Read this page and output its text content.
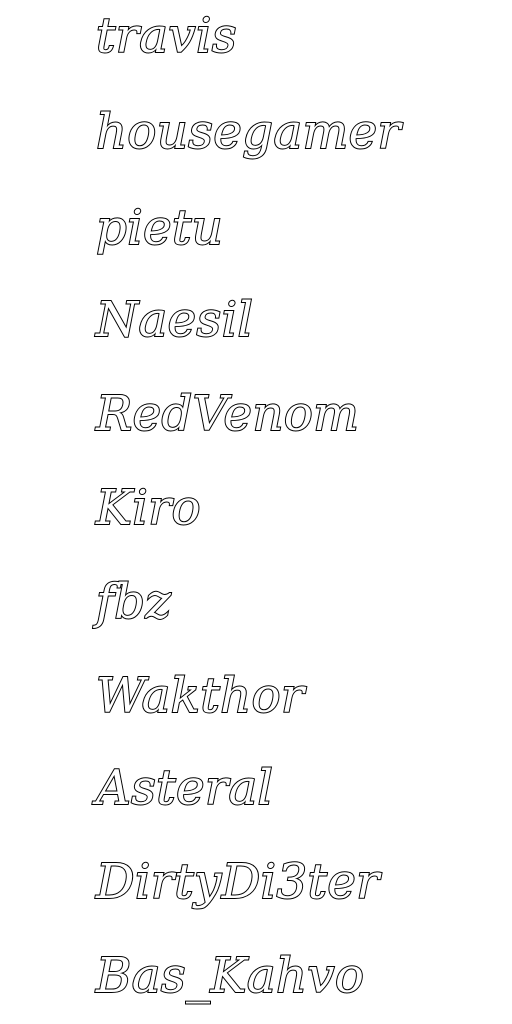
travis
housegamer
pietu
Naesil
RedVenom
Kiro
fbz
Wakthor
Asteral
DirtyDi3ter
Bas_Kahvo
